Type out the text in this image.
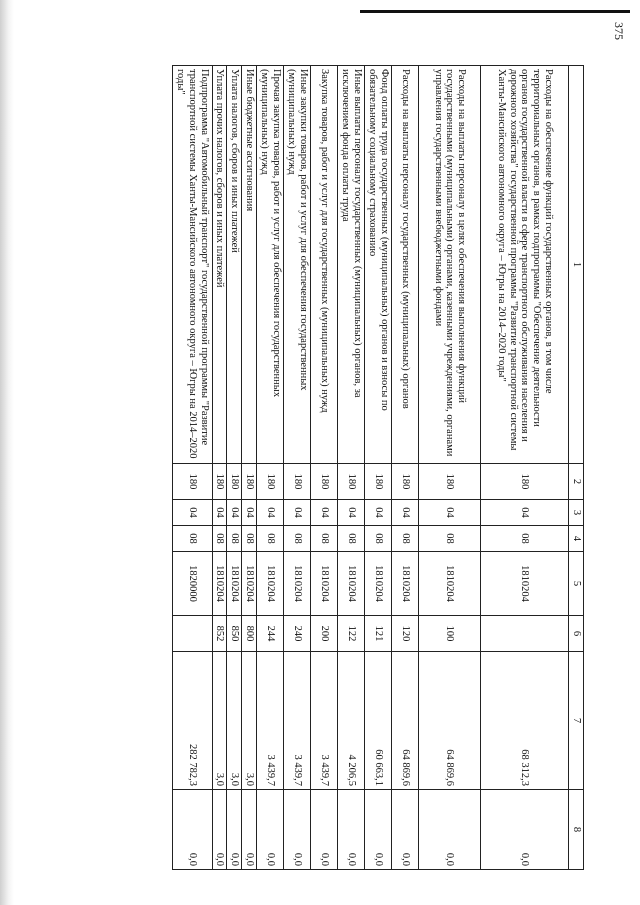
375
1	2	3	4	5	6	7	8
Расходы на обеспечение функций государственных органов, в том числе территориальных органов, в рамках подпрограммы "Обеспечение деятельности органов государственной власти в сфере транспортного обслуживания населения и дорожного хозяйства" государственной программы "Развитие транспортной системы Ханты-Мансийского автономного округа – Югры на 2014–2020 годы"	180	04	08	1810204		68 312,3	0,0
Расходы на выплаты персоналу в целях обеспечения выполнения функций государственными (муниципальными) органами, казенными учреждениями, органами управления государственными внебюджетными фондами	180	04	08	1810204	100	64 869,6	0,0
Расходы на выплаты персоналу государственных (муниципальных) органов	180	04	08	1810204	120	64 869,6	0,0
Фонд оплаты труда государственных (муниципальных) органов и взносы по обязательному социальному страхованию	180	04	08	1810204	121	60 663,1	0,0
Иные выплаты персоналу государственных (муниципальных) органов, за исключением фонда оплаты труда	180	04	08	1810204	122	4 206,5	0,0
Закупка товаров, работ и услуг для государственных (муниципальных) нужд	180	04	08	1810204	200	3 439,7	0,0
Иные закупки товаров, работ и услуг для обеспечения государственных (муниципальных) нужд	180	04	08	1810204	240	3 439,7	0,0
Прочая закупка товаров, работ и услуг для обеспечения государственных (муниципальных) нужд	180	04	08	1810204	244	3 439,7	0,0
Иные бюджетные ассигнования	180	04	08	1810204	800	3,0	0,0
Уплата налогов, сборов и иных платежей	180	04	08	1810204	850	3,0	0,0
Уплата прочих налогов, сборов и иных платежей	180	04	08	1810204	852	3,0	0,0
Подпрограмма "Автомобильный транспорт" государственной программы "Развитие транспортной системы Ханты-Мансийского автономного округа – Югры на 2014–2020 годы"	180	04	08	1820000		282 782,3	0,0
